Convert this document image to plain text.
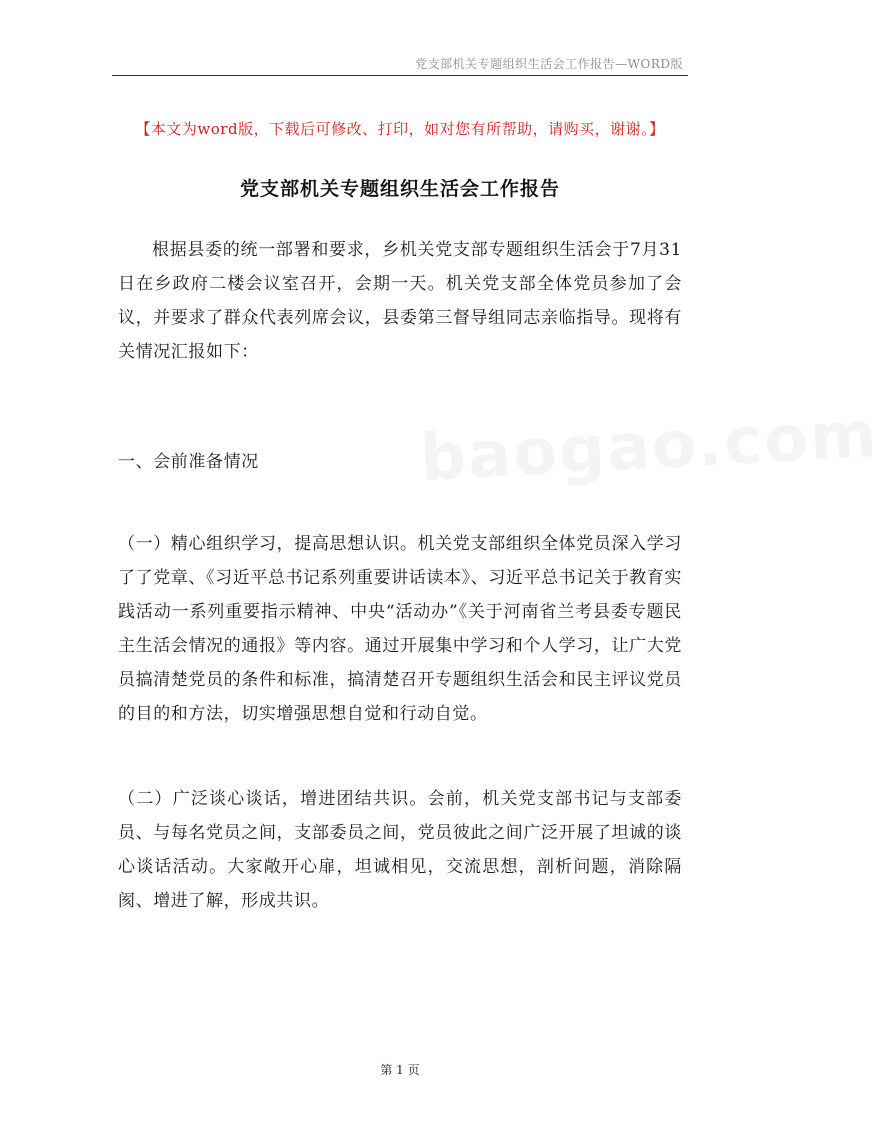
党支部机关专题组织生活会工作报告—WORD版
【本文为word版，下载后可修改、打印，如对您有所帮助，请购买，谢谢。】
党支部机关专题组织生活会工作报告
baogao.com
根据县委的统一部署和要求，乡机关党支部专题组织生活会于7月31日在乡政府二楼会议室召开，会期一天。机关党支部全体党员参加了会议，并要求了群众代表列席会议，县委第三督导组同志亲临指导。现将有关情况汇报如下：
一、会前准备情况
（一）精心组织学习，提高思想认识。机关党支部组织全体党员深入学习了了党章、《习近平总书记系列重要讲话读本》、习近平总书记关于教育实践活动一系列重要指示精神、中央“活动办”《关于河南省兰考县委专题民主生活会情况的通报》等内容。通过开展集中学习和个人学习，让广大党员搞清楚党员的条件和标准，搞清楚召开专题组织生活会和民主评议党员的目的和方法，切实增强思想自觉和行动自觉。
（二）广泛谈心谈话，增进团结共识。会前，机关党支部书记与支部委员、与每名党员之间，支部委员之间，党员彼此之间广泛开展了坦诚的谈心谈话活动。大家敞开心扉，坦诚相见，交流思想，剖析问题，消除隔阂、增进了解，形成共识。
第 1 页
